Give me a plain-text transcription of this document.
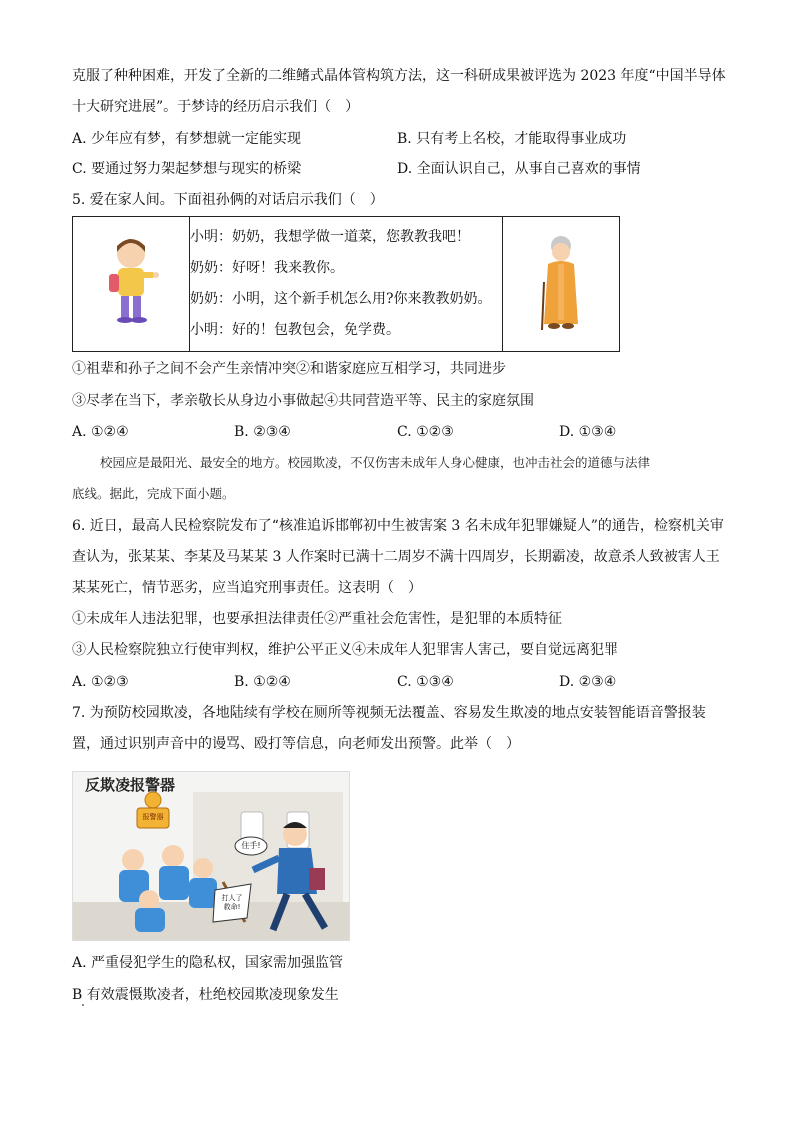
克服了种种困难，开发了全新的二维鳍式晶体管构筑方法，这一科研成果被评选为 2023 年度“中国半导体
十大研究进展”。于梦诗的经历启示我们（　）
A. 少年应有梦，有梦想就一定能实现	B. 只有考上名校，才能取得事业成功
C. 要通过努力架起梦想与现实的桥梁	D. 全面认识自己，从事自己喜欢的事情
5. 爱在家人间。下面祖孙俩的对话启示我们（　）

小明：奶奶，我想学做一道菜，您教教我吧！
奶奶：好呀！我来教你。
奶奶：小明，这个新手机怎么用?你来教教奶奶。
小明：好的！包教包会，免学费。

①祖辈和孙子之间不会产生亲情冲突②和谐家庭应互相学习，共同进步
③尽孝在当下，孝亲敬长从身边小事做起④共同营造平等、民主的家庭氛围
A. ①②④	B. ②③④	C. ①②③	D. ①③④
校园应是最阳光、最安全的地方。校园欺凌，不仅伤害未成年人身心健康，也冲击社会的道德与法律
底线。据此，完成下面小题。
6. 近日，最高人民检察院发布了“核准追诉邯郸初中生被害案 3 名未成年犯罪嫌疑人”的通告，检察机关审
查认为，张某某、李某及马某某 3 人作案时已满十二周岁不满十四周岁，长期霸凌，故意杀人致被害人王
某某死亡，情节恶劣，应当追究刑事责任。这表明（　）
①未成年人违法犯罪，也要承担法律责任②严重社会危害性，是犯罪的本质特征
③人民检察院独立行使审判权，维护公平正义④未成年人犯罪害人害己，要自觉远离犯罪
A. ①②③	B. ①②④	C. ①③④	D. ②③④
7. 为预防校园欺凌，各地陆续有学校在厕所等视频无法覆盖、容易发生欺凌的地点安装智能语音警报装
置，通过识别声音中的谩骂、殴打等信息，向老师发出预警。此举（　）
反欺凌报警器
报警器
住手!
打人了 救命!
A. 严重侵犯学生的隐私权，国家需加强监管
B 有效震慑欺凌者，杜绝校园欺凌现象发生
